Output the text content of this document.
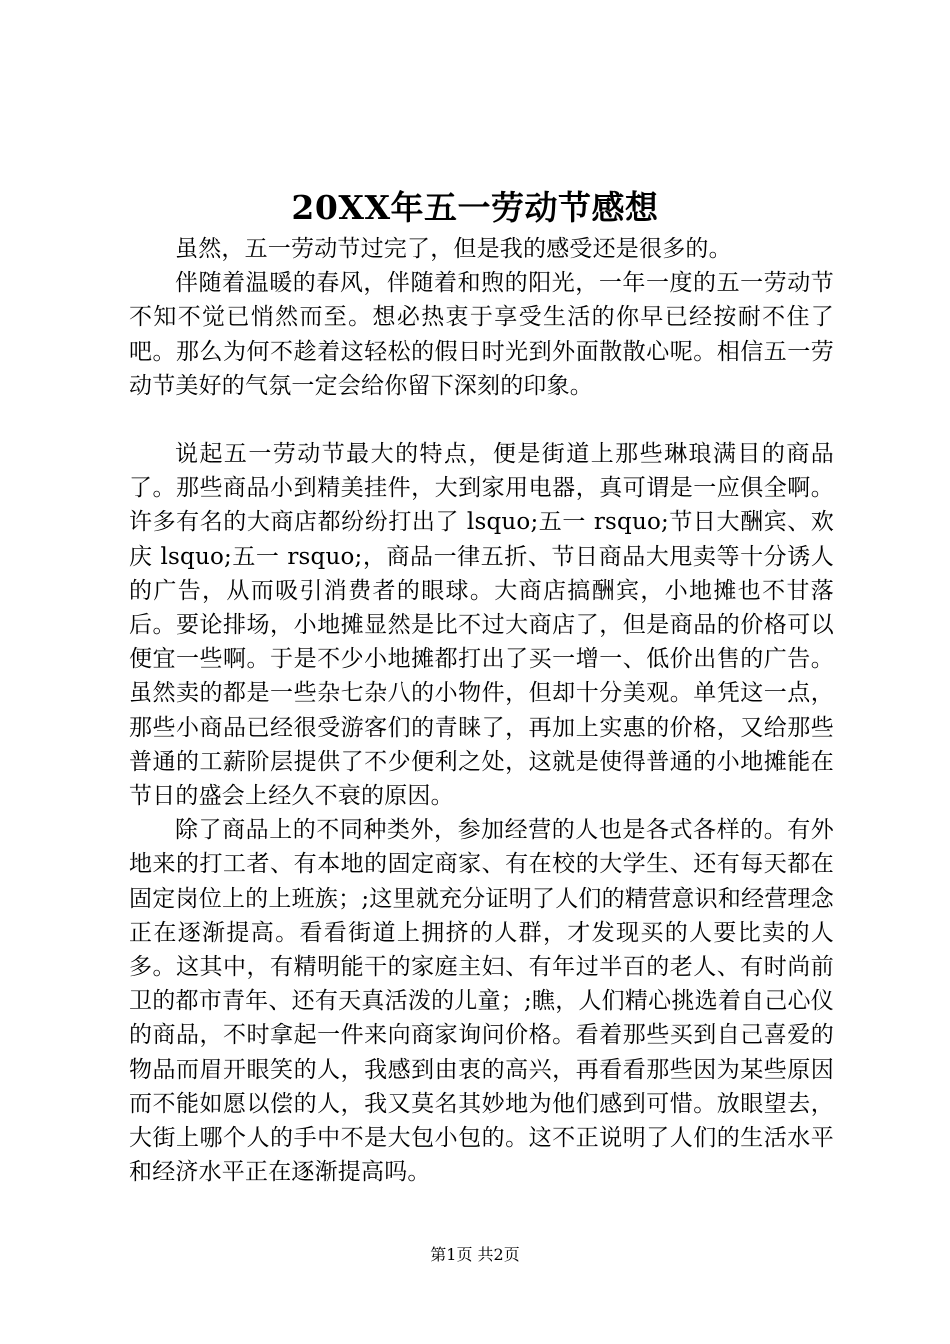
20XX年五一劳动节感想

虽然，五一劳动节过完了，但是我的感受还是很多的。

伴随着温暖的春风，伴随着和煦的阳光，一年一度的五一劳动节不知不觉已悄然而至。想必热衷于享受生活的你早已经按耐不住了吧。那么为何不趁着这轻松的假日时光到外面散散心呢。相信五一劳动节美好的气氛一定会给你留下深刻的印象。

说起五一劳动节最大的特点，便是街道上那些琳琅满目的商品了。那些商品小到精美挂件，大到家用电器，真可谓是一应俱全啊。许多有名的大商店都纷纷打出了 lsquo;五一 rsquo;节日大酬宾、欢庆 lsquo;五一 rsquo;，商品一律五折、节日商品大甩卖等十分诱人的广告，从而吸引消费者的眼球。大商店搞酬宾，小地摊也不甘落后。要论排场，小地摊显然是比不过大商店了，但是商品的价格可以便宜一些啊。于是不少小地摊都打出了买一增一、低价出售的广告。虽然卖的都是一些杂七杂八的小物件，但却十分美观。单凭这一点，那些小商品已经很受游客们的青睐了，再加上实惠的价格，又给那些普通的工薪阶层提供了不少便利之处，这就是使得普通的小地摊能在节日的盛会上经久不衰的原因。

除了商品上的不同种类外，参加经营的人也是各式各样的。有外地来的打工者、有本地的固定商家、有在校的大学生、还有每天都在固定岗位上的上班族；;这里就充分证明了人们的精营意识和经营理念正在逐渐提高。看看街道上拥挤的人群，才发现买的人要比卖的人多。这其中，有精明能干的家庭主妇、有年过半百的老人、有时尚前卫的都市青年、还有天真活泼的儿童；;瞧，人们精心挑选着自己心仪的商品，不时拿起一件来向商家询问价格。看着那些买到自己喜爱的物品而眉开眼笑的人，我感到由衷的高兴，再看看那些因为某些原因而不能如愿以偿的人，我又莫名其妙地为他们感到可惜。放眼望去，大街上哪个人的手中不是大包小包的。这不正说明了人们的生活水平和经济水平正在逐渐提高吗。

第1页 共2页
